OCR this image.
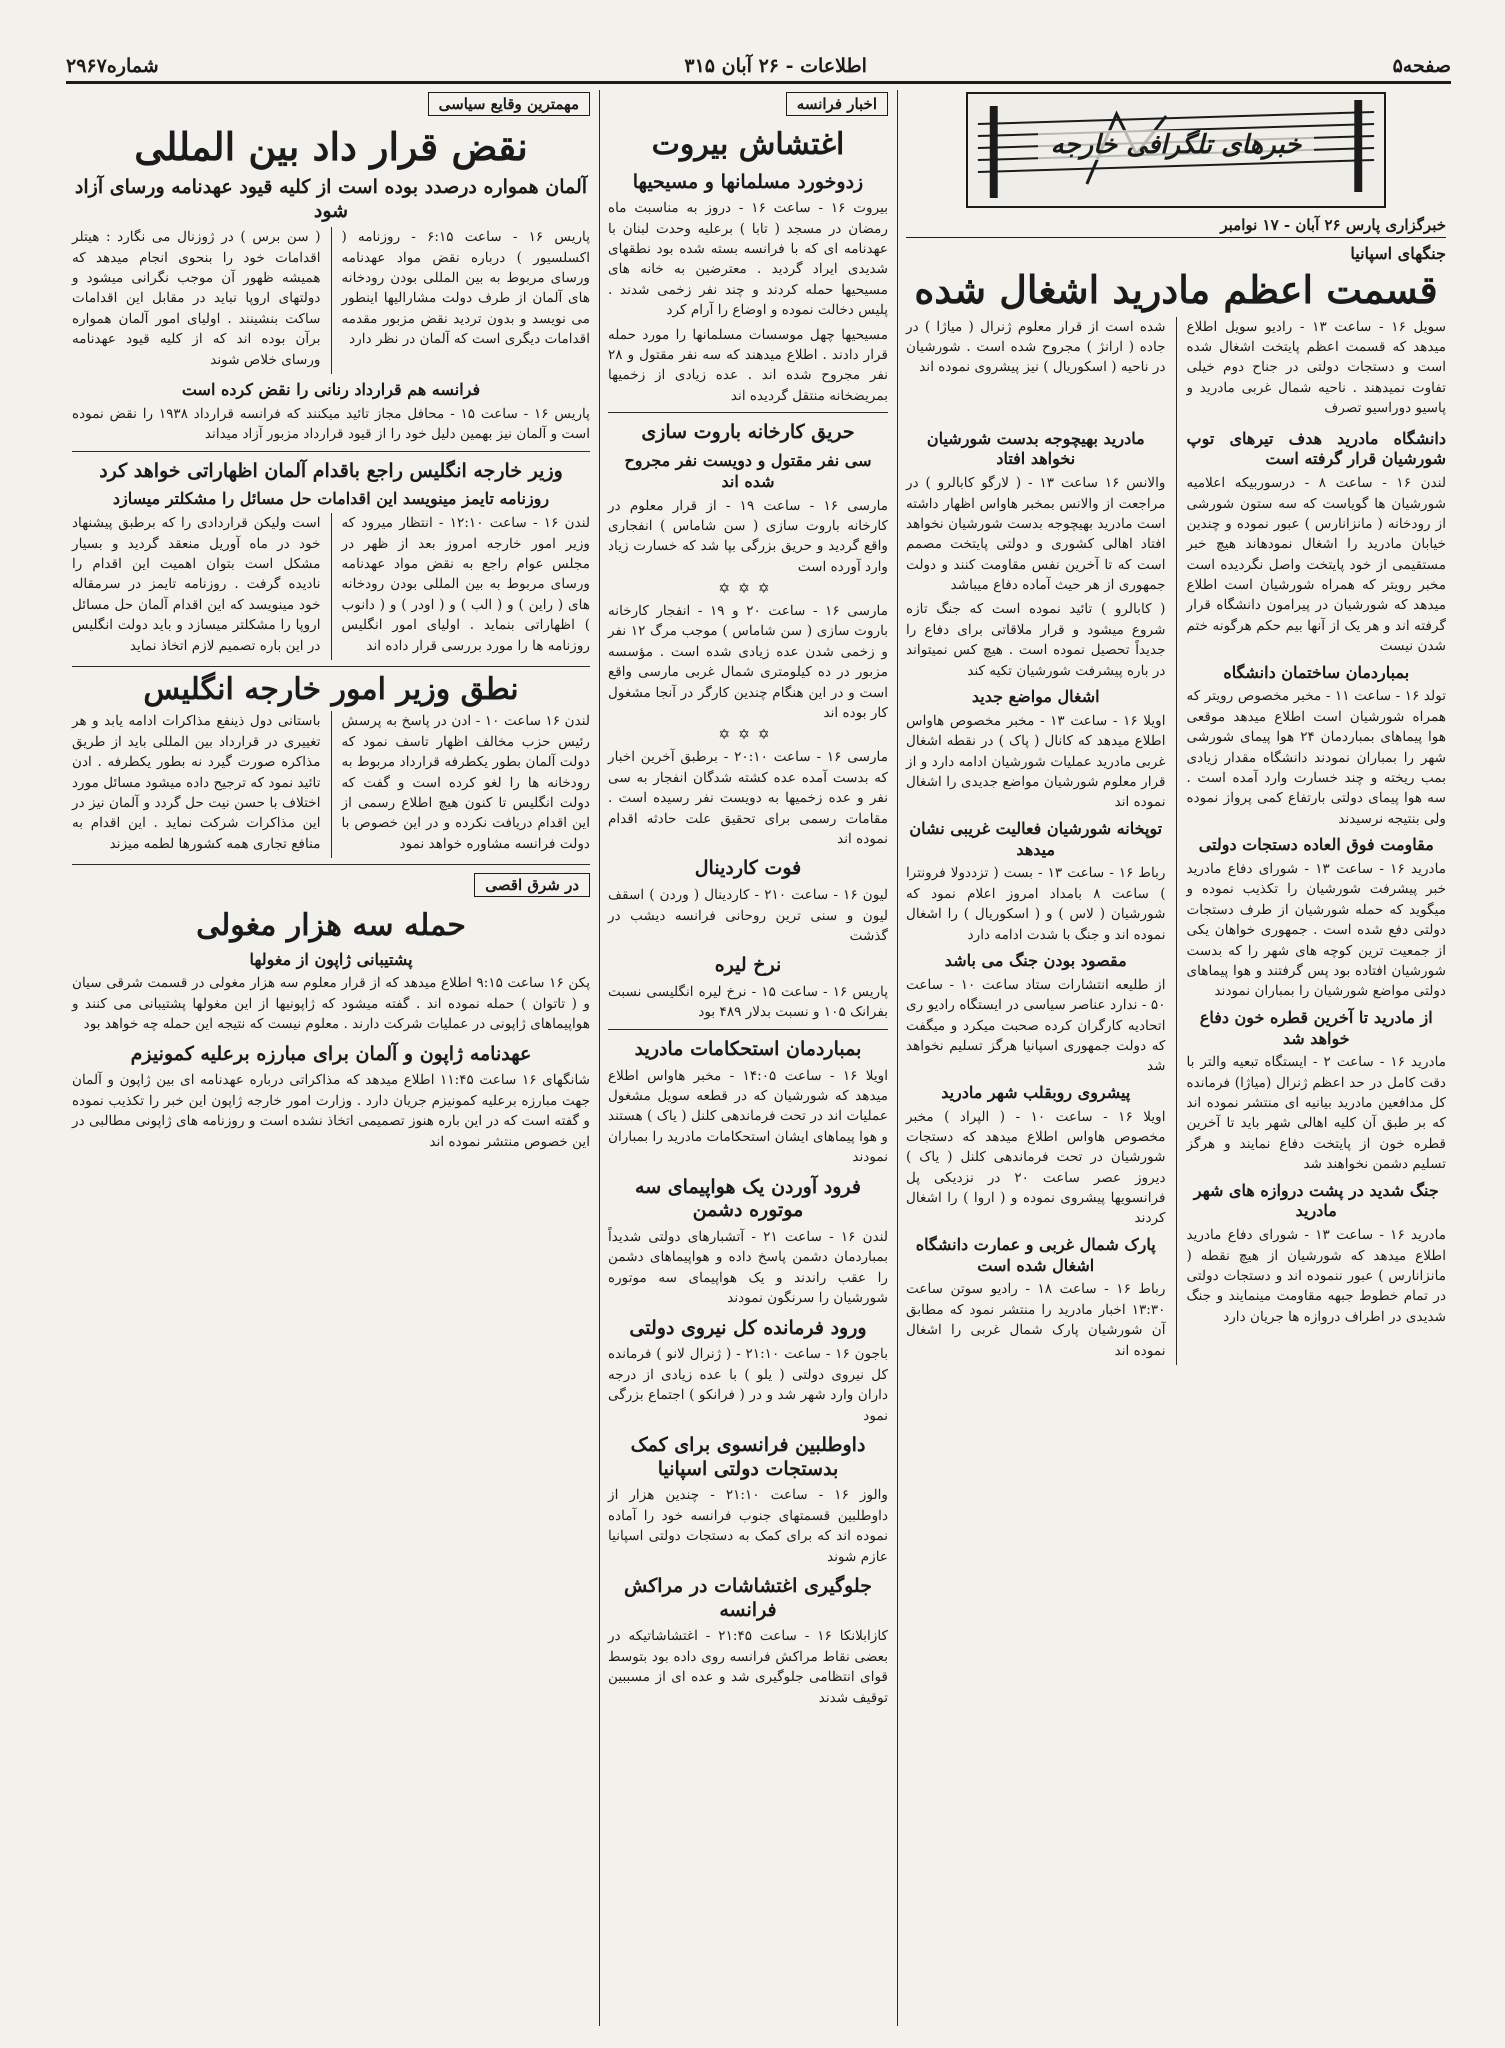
صفحه۵
اطلاعات - ۲۶ آبان ۳۱۵
شماره۲۹۶۷
خبرهای تلگرافی خارجه
خبرگزاری پارس ۲۶ آبان - ۱۷ نوامبر
جنگهای اسپانیا
قسمت اعظم مادرید اشغال شده

سویل ۱۶ - ساعت ۱۳ - رادیو سویل اطلاع میدهد که قسمت اعظم پایتخت اشغال شده است و دستجات دولتی در جناح دوم خیلی تفاوت نمیدهند . ناحیه شمال غربی مادرید و پاسیو دوراسیو تصرف

شده است از قرار معلوم ژنرال ( میاژا ) در جاده ( ارانژ ) مجروح شده است . شورشیان در ناحیه ( اسکوریال ) نیز پیشروی نموده اند

دانشگاه مادرید هدف تیرهای توپ شورشیان قرار گرفته است

لندن ۱۶ - ساعت ۸ - درسوربیکه اعلامیه شورشیان ها گویاست که سه ستون شورشی از رودخانه ( مانزانارس ) عبور نموده و چندین خیابان مادرید را اشغال نمودهاند هیچ خبر مستقیمی از خود پایتخت واصل نگردیده است مخبر رویتر که همراه شورشیان است اطلاع میدهد که شورشیان در پیرامون دانشگاه قرار گرفته اند و هر یک از آنها بیم حکم هرگونه ختم شدن نیست

بمباردمان ساختمان دانشگاه

تولد ۱۶ - ساعت ۱۱ - مخبر مخصوص رویتر که همراه شورشیان است اطلاع میدهد موقعی هوا پیماهای بمباردمان ۲۴ هوا پیمای شورشی شهر را بمباران نمودند دانشگاه مقدار زیادی بمب ریخته و چند خسارت وارد آمده است . سه هوا پیمای دولتی بارتفاع کمی پرواز نموده ولی بنتیجه نرسیدند

مقاومت فوق العاده دستجات دولتی

مادرید ۱۶ - ساعت ۱۳ - شورای دفاع مادرید خبر پیشرفت شورشیان را تکذیب نموده و میگوید که حمله شورشیان از طرف دستجات دولتی دفع شده است . جمهوری خواهان یکی از جمعیت ترین کوچه های شهر را که بدست شورشیان افتاده بود پس گرفتند و هوا پیماهای دولتی مواضع شورشیان را بمباران نمودند

از مادرید تا آخرین قطره خون دفاع خواهد شد

مادرید ۱۶ - ساعت ۲ - ایستگاه تبعیه والتر با دقت کامل در حد اعظم ژنرال (میاژا) فرمانده کل مدافعین مادرید بیانیه ای منتشر نموده اند که بر طبق آن کلیه اهالی شهر باید تا آخرین قطره خون از پایتخت دفاع نمایند و هرگز تسلیم دشمن نخواهند شد

جنگ شدید در پشت دروازه های شهر مادرید

مادرید ۱۶ - ساعت ۱۳ - شورای دفاع مادرید اطلاع میدهد که شورشیان از هیچ نقطه ( مانزانارس ) عبور ننموده اند و دستجات دولتی در تمام خطوط جبهه مقاومت مینمایند و جنگ شدیدی در اطراف دروازه ها جریان دارد

مادرید بهیچوجه بدست شورشیان نخواهد افتاد

والانس ۱۶ ساعت ۱۳ - ( لارگو کابالرو ) در مراجعت از والانس بمخبر هاواس اظهار داشته است مادرید بهیچوجه بدست شورشیان نخواهد افتاد اهالی کشوری و دولتی پایتخت مصمم است که تا آخرین نفس مقاومت کنند و دولت جمهوری از هر حیث آماده دفاع میباشد

( کابالرو ) تائید نموده است که جنگ تازه شروع میشود و قرار ملاقاتی برای دفاع را جدیداً تحصیل نموده است . هیچ کس نمیتواند در باره پیشرفت شورشیان تکیه کند

اشغال مواضع جدید

اویلا ۱۶ - ساعت ۱۳ - مخبر مخصوص هاواس اطلاع میدهد که کانال ( پاک ) در نقطه اشغال غربی مادرید عملیات شورشیان ادامه دارد و از قرار معلوم شورشیان مواضع جدیدی را اشغال نموده اند

توپخانه شورشیان فعالیت غریبی نشان میدهد

رباط ۱۶ - ساعت ۱۳ - بست ( تزددولا فرونترا ) ساعت ۸ بامداد امروز اعلام نمود که شورشیان ( لاس ) و ( اسکوریال ) را اشغال نموده اند و جنگ با شدت ادامه دارد

مقصود بودن جنگ می باشد

از طلیعه انتشارات ستاد ساعت ۱۰ - ساعت ۵۰ - ندارد عناصر سیاسی در ایستگاه رادیو ری اتحادیه کارگران کرده صحبت میکرد و میگفت که دولت جمهوری اسپانیا هرگز تسلیم نخواهد شد

پیشروی روبقلب شهر مادرید

اویلا ۱۶ - ساعت ۱۰ - ( الپراد ) مخبر مخصوص هاواس اطلاع میدهد که دستجات شورشیان در تحت فرماندهی کلنل ( یاک ) دیروز عصر ساعت ۲۰ در نزدیکی پل فرانسویها پیشروی نموده و ( اروا ) را اشغال کردند

پارک شمال غربی و عمارت دانشگاه اشغال شده است

رباط ۱۶ - ساعت ۱۸ - رادیو سوتن ساعت ۱۳:۳۰ اخبار مادرید را منتشر نمود که مطابق آن شورشیان پارک شمال غربی را اشغال نموده اند

اخبار فرانسه
اغتشاش بیروت
زدوخورد مسلمانها و مسیحیها

بیروت ۱۶ - ساعت ۱۶ - دروز به مناسبت ماه رمضان در مسجد ( تابا ) برعلیه وحدت لبنان با عهدنامه ای که با فرانسه بسته شده بود نطقهای شدیدی ایراد گردید . معترضین به خانه های مسیحیها حمله کردند و چند نفر زخمی شدند . پلیس دخالت نموده و اوضاع را آرام کرد

مسیحیها چهل موسسات مسلمانها را مورد حمله قرار دادند . اطلاع میدهند که سه نفر مقتول و ۲۸ نفر مجروح شده اند . عده زیادی از زخمیها بمریضخانه منتقل گردیده اند

حریق کارخانه باروت سازی
سی نفر مقتول و دویست نفر مجروح شده اند

مارسی ۱۶ - ساعت ۱۹ - از قرار معلوم در کارخانه باروت سازی ( سن شاماس ) انفجاری واقع گردید و حریق بزرگی بپا شد که خسارت زیاد وارد آورده است

✡✡✡

مارسی ۱۶ - ساعت ۲۰ و ۱۹ - انفجار کارخانه باروت سازی ( سن شاماس ) موجب مرگ ۱۲ نفر و زخمی شدن عده زیادی شده است . مؤسسه مزبور در ده کیلومتری شمال غربی مارسی واقع است و در این هنگام چندین کارگر در آنجا مشغول کار بوده اند

✡✡✡

مارسی ۱۶ - ساعت ۲۰:۱۰ - برطبق آخرین اخبار که بدست آمده عده کشته شدگان انفجار به سی نفر و عده زخمیها به دویست نفر رسیده است . مقامات رسمی برای تحقیق علت حادثه اقدام نموده اند

فوت کاردینال

لیون ۱۶ - ساعت ۲۱۰ - کاردینال ( وردن ) اسقف لیون و سنی ترین روحانی فرانسه دیشب در گذشت

نرخ لیره

پاریس ۱۶ - ساعت ۱۵ - نرخ لیره انگلیسی نسبت بفرانک ۱۰۵ و نسبت بدلار ۴۸۹ بود

بمباردمان استحکامات مادرید

اویلا ۱۶ - ساعت ۱۴:۰۵ - مخبر هاواس اطلاع میدهد که شورشیان که در قطعه سویل مشغول عملیات اند در تحت فرماندهی کلنل ( یاک ) هستند و هوا پیماهای ایشان استحکامات مادرید را بمباران نمودند

فرود آوردن یک هواپیمای سه موتوره دشمن

لندن ۱۶ - ساعت ۲۱ - آتشبارهای دولتی شدیداً بمباردمان دشمن پاسخ داده و هواپیماهای دشمن را عقب راندند و یک هواپیمای سه موتوره شورشیان را سرنگون نمودند

ورود فرمانده کل نیروی دولتی

باجون ۱۶ - ساعت ۲۱:۱۰ - ( ژنرال لانو ) فرمانده کل نیروی دولتی ( یلو ) با عده زیادی از درجه داران وارد شهر شد و در ( فرانکو ) اجتماع بزرگی نمود

داوطلبین فرانسوی برای کمک بدستجات دولتی اسپانیا

والوز ۱۶ - ساعت ۲۱:۱۰ - چندین هزار از داوطلبین قسمتهای جنوب فرانسه خود را آماده نموده اند که برای کمک به دستجات دولتی اسپانیا عازم شوند

جلوگیری اغتشاشات در مراکش فرانسه

کازابلانکا ۱۶ - ساعت ۲۱:۴۵ - اغتشاشاتیکه در بعضی نقاط مراکش فرانسه روی داده بود بتوسط قوای انتظامی جلوگیری شد و عده ای از مسببین توقیف شدند

مهمترین وقایع سیاسی
نقض قرار داد بین المللی
آلمان همواره درصدد بوده است از کلیه قیود عهدنامه ورسای آزاد شود

پاریس ۱۶ - ساعت ۶:۱۵ - روزنامه ( اکسلسیور ) درباره نقض مواد عهدنامه ورسای مربوط به بین المللی بودن رودخانه های آلمان از طرف دولت مشارالیها اینطور می نویسد و بدون تردید نقض مزبور مقدمه اقدامات دیگری است که آلمان در نظر دارد

( سن برس ) در ژوزنال می نگارد : هیتلر اقدامات خود را بنحوی انجام میدهد که همیشه ظهور آن موجب نگرانی میشود و دولتهای اروپا نباید در مقابل این اقدامات ساکت بنشینند . اولیای امور آلمان همواره برآن بوده اند که از کلیه قیود عهدنامه ورسای خلاص شوند

فرانسه هم قرارداد رنانی را نقض کرده است

پاریس ۱۶ - ساعت ۱۵ - محافل مجاز تائید میکنند که فرانسه قرارداد ۱۹۳۸ را نقض نموده است و آلمان نیز بهمین دلیل خود را از قیود قرارداد مزبور آزاد میداند

وزیر خارجه انگلیس راجع باقدام آلمان اظهاراتی خواهد کرد
روزنامه تایمز مینویسد این اقدامات حل مسائل را مشکلتر میسازد

لندن ۱۶ - ساعت ۱۲:۱۰ - انتظار میرود که وزیر امور خارجه امروز بعد از ظهر در مجلس عوام راجع به نقض مواد عهدنامه ورسای مربوط به بین المللی بودن رودخانه های ( راین ) و ( الب ) و ( اودر ) و ( دانوب ) اظهاراتی بنماید . اولیای امور انگلیس روزنامه ها را مورد بررسی قرار داده اند

است ولیکن قراردادی را که برطبق پیشنهاد خود در ماه آوریل منعقد گردید و بسیار مشکل است بتوان اهمیت این اقدام را نادیده گرفت . روزنامه تایمز در سرمقاله خود مینویسد که این اقدام آلمان حل مسائل اروپا را مشکلتر میسازد و باید دولت انگلیس در این باره تصمیم لازم اتخاذ نماید

نطق وزیر امور خارجه انگلیس

لندن ۱۶ ساعت ۱۰ - ادن در پاسخ به پرسش رئیس حزب مخالف اظهار تاسف نمود که دولت آلمان بطور یکطرفه قرارداد مربوط به رودخانه ها را لغو کرده است و گفت که دولت انگلیس تا کنون هیچ اطلاع رسمی از این اقدام دریافت نکرده و در این خصوص با دولت فرانسه مشاوره خواهد نمود

باستانی دول ذینفع مذاکرات ادامه یابد و هر تغییری در قرارداد بین المللی باید از طریق مذاکره صورت گیرد نه بطور یکطرفه . ادن تائید نمود که ترجیح داده میشود مسائل مورد اختلاف با حسن نیت حل گردد و آلمان نیز در این مذاکرات شرکت نماید . این اقدام به منافع تجاری همه کشورها لطمه میزند

در شرق اقصی
حمله سه هزار مغولی
پشتیبانی ژاپون از مغولها

پکن ۱۶ ساعت ۹:۱۵ اطلاع میدهد که از قرار معلوم سه هزار مغولی در قسمت شرقی سیان و ( تاتوان ) حمله نموده اند . گفته میشود که ژاپونیها از این مغولها پشتیبانی می کنند و هواپیماهای ژاپونی در عملیات شرکت دارند . معلوم نیست که نتیجه این حمله چه خواهد بود

عهدنامه ژاپون و آلمان برای مبارزه برعلیه کمونیزم

شانگهای ۱۶ ساعت ۱۱:۴۵ اطلاع میدهد که مذاکراتی درباره عهدنامه ای بین ژاپون و آلمان جهت مبارزه برعلیه کمونیزم جریان دارد . وزارت امور خارجه ژاپون این خبر را تکذیب نموده و گفته است که در این باره هنوز تصمیمی اتخاذ نشده است و روزنامه های ژاپونی مطالبی در این خصوص منتشر نموده اند
